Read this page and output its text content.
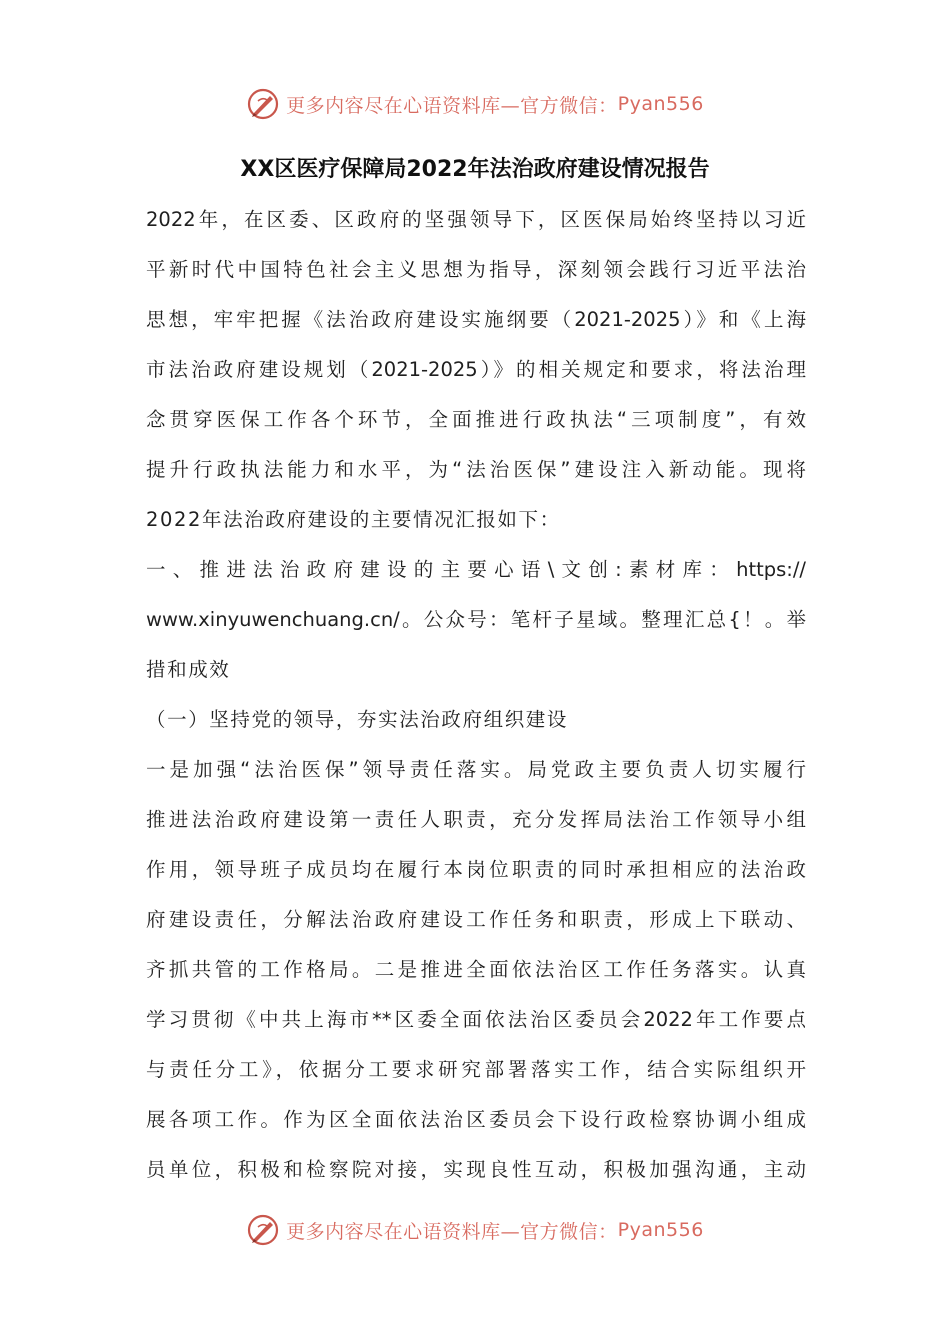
更多内容尽在心语资料库—官方微信： Pyan556
XX区医疗保障局2022年法治政府建设情况报告
2022年，在区委、区政府的坚强领导下，区医保局始终坚持以习近
平新时代中国特色社会主义思想为指导，深刻领会践行习近平法治
思想，牢牢把握《法治政府建设实施纲要（2021-2025）》和《上海
市法治政府建设规划（2021-2025）》的相关规定和要求，将法治理
念贯穿医保工作各个环节，全面推进行政执法“三项制度”，有效
提升行政执法能力和水平，为“法治医保”建设注入新动能。现将
2022年法治政府建设的主要情况汇报如下：
一、推进法治政府建设的主要心语\文创:素材库：https://
www.xinyuwenchuang.cn/。公众号：笔杆子星域。整理汇总{！。举
措和成效
（一）坚持党的领导，夯实法治政府组织建设
一是加强“法治医保”领导责任落实。局党政主要负责人切实履行
推进法治政府建设第一责任人职责，充分发挥局法治工作领导小组
作用，领导班子成员均在履行本岗位职责的同时承担相应的法治政
府建设责任，分解法治政府建设工作任务和职责，形成上下联动、
齐抓共管的工作格局。二是推进全面依法治区工作任务落实。认真
学习贯彻《中共上海市**区委全面依法治区委员会2022年工作要点
与责任分工》，依据分工要求研究部署落实工作，结合实际组织开
展各项工作。作为区全面依法治区委员会下设行政检察协调小组成
员单位，积极和检察院对接，实现良性互动，积极加强沟通，主动
更多内容尽在心语资料库—官方微信： Pyan556
